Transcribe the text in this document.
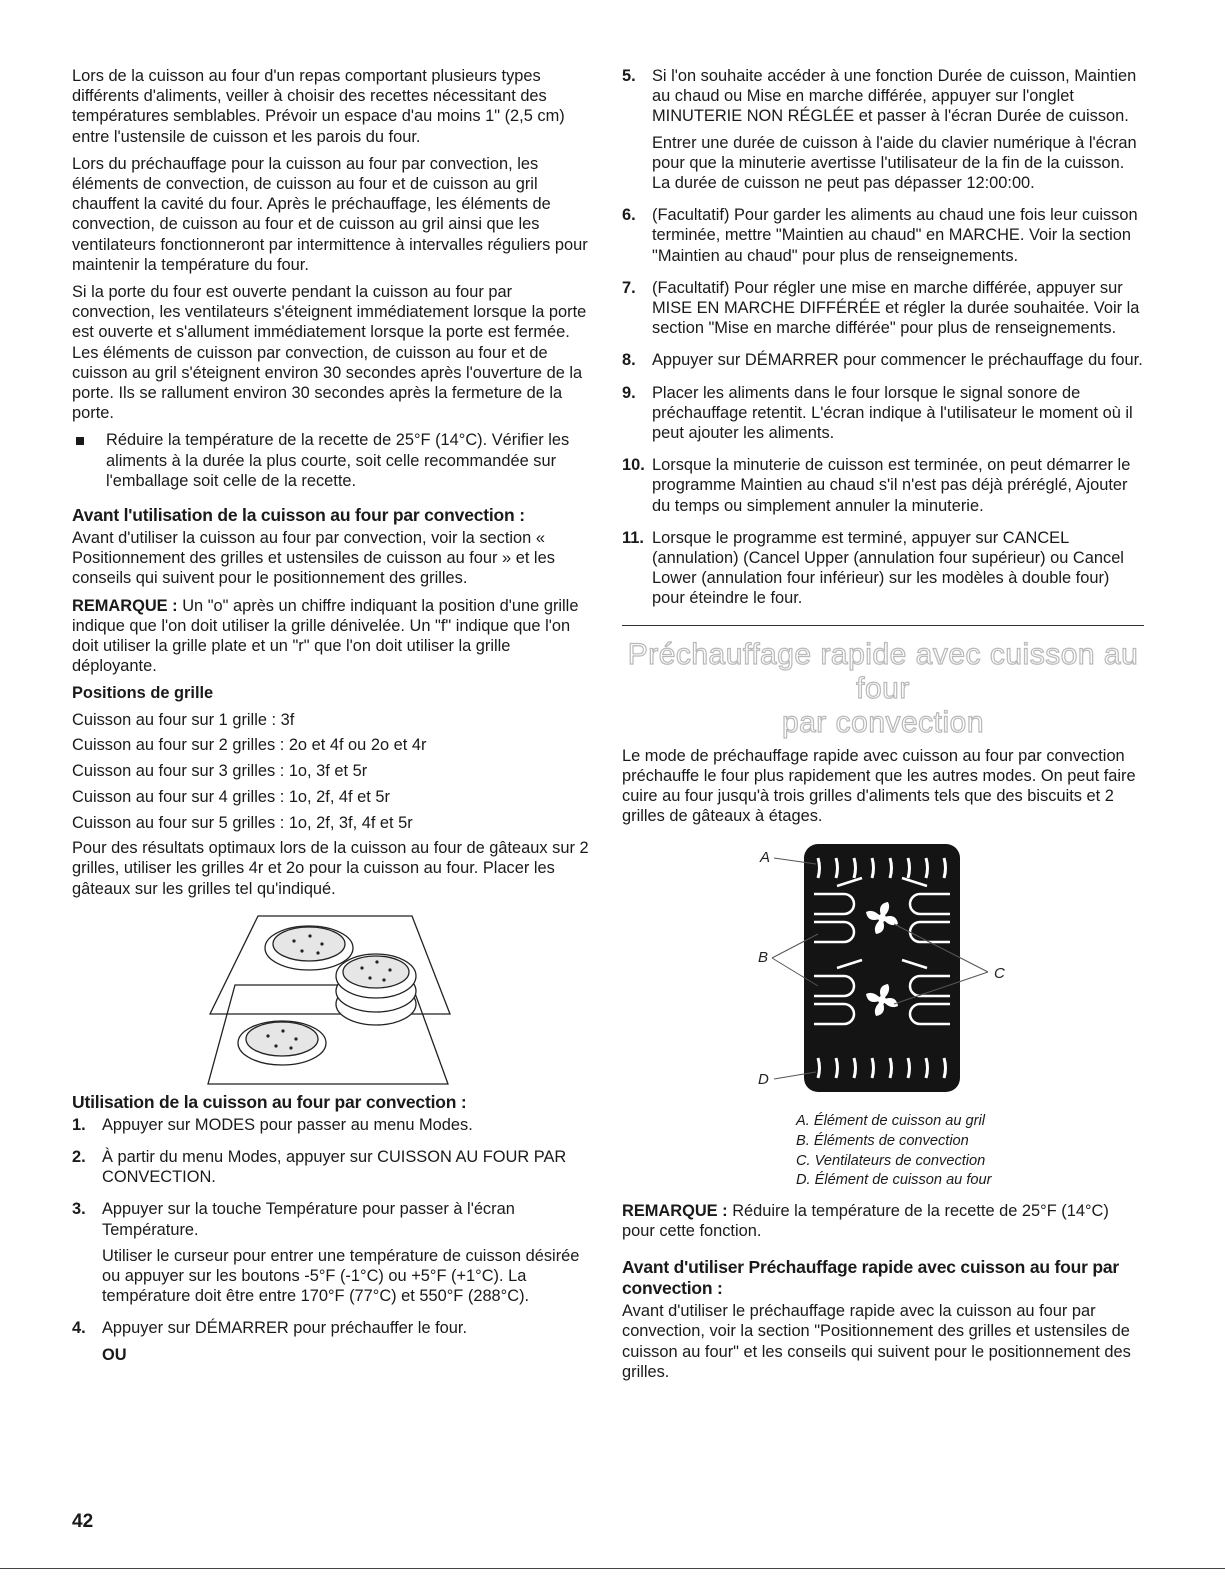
Lors de la cuisson au four d'un repas comportant plusieurs types différents d'aliments, veiller à choisir des recettes nécessitant des températures semblables. Prévoir un espace d'au moins 1" (2,5 cm) entre l'ustensile de cuisson et les parois du four.

Lors du préchauffage pour la cuisson au four par convection, les éléments de convection, de cuisson au four et de cuisson au gril chauffent la cavité du four. Après le préchauffage, les éléments de convection, de cuisson au four et de cuisson au gril ainsi que les ventilateurs fonctionneront par intermittence à intervalles réguliers pour maintenir la température du four.

Si la porte du four est ouverte pendant la cuisson au four par convection, les ventilateurs s'éteignent immédiatement lorsque la porte est ouverte et s'allument immédiatement lorsque la porte est fermée. Les éléments de cuisson par convection, de cuisson au four et de cuisson au gril s'éteignent environ 30 secondes après l'ouverture de la porte. Ils se rallument environ 30 secondes après la fermeture de la porte.

Réduire la température de la recette de 25°F (14°C). Vérifier les aliments à la durée la plus courte, soit celle recommandée sur l'emballage soit celle de la recette.
Avant l'utilisation de la cuisson au four par convection :

Avant d'utiliser la cuisson au four par convection, voir la section « Positionnement des grilles et ustensiles de cuisson au four » et les conseils qui suivent pour le positionnement des grilles.

REMARQUE : Un "o" après un chiffre indiquant la position d'une grille indique que l'on doit utiliser la grille dénivelée. Un "f" indique que l'on doit utiliser la grille plate et un "r" que l'on doit utiliser la grille déployante.

Positions de grille

Cuisson au four sur 1 grille : 3f

Cuisson au four sur 2 grilles : 2o et 4f ou 2o et 4r

Cuisson au four sur 3 grilles : 1o, 3f et 5r

Cuisson au four sur 4 grilles : 1o, 2f, 4f et 5r

Cuisson au four sur 5 grilles : 1o, 2f, 3f, 4f et 5r

Pour des résultats optimaux lors de la cuisson au four de gâteaux sur 2 grilles, utiliser les grilles 4r et 2o pour la cuisson au four. Placer les gâteaux sur les grilles tel qu'indiqué.

Utilisation de la cuisson au four par convection :
1. Appuyer sur MODES pour passer au menu Modes.

2. À partir du menu Modes, appuyer sur CUISSON AU FOUR PAR CONVECTION.

3. Appuyer sur la touche Température pour passer à l'écran Température.

Utiliser le curseur pour entrer une température de cuisson désirée ou appuyer sur les boutons -5°F (-1°C) ou +5°F (+1°C). La température doit être entre 170°F (77°C) et 550°F (288°C).

4. Appuyer sur DÉMARRER pour préchauffer le four.

OU

5. Si l'on souhaite accéder à une fonction Durée de cuisson, Maintien au chaud ou Mise en marche différée, appuyer sur l'onglet MINUTERIE NON RÉGLÉE et passer à l'écran Durée de cuisson.

Entrer une durée de cuisson à l'aide du clavier numérique à l'écran pour que la minuterie avertisse l'utilisateur de la fin de la cuisson. La durée de cuisson ne peut pas dépasser 12:00:00.

6. (Facultatif) Pour garder les aliments au chaud une fois leur cuisson terminée, mettre "Maintien au chaud" en MARCHE. Voir la section "Maintien au chaud" pour plus de renseignements.

7. (Facultatif) Pour régler une mise en marche différée, appuyer sur MISE EN MARCHE DIFFÉRÉE et régler la durée souhaitée. Voir la section "Mise en marche différée" pour plus de renseignements.

8. Appuyer sur DÉMARRER pour commencer le préchauffage du four.

9. Placer les aliments dans le four lorsque le signal sonore de préchauffage retentit. L'écran indique à l'utilisateur le moment où il peut ajouter les aliments.

10. Lorsque la minuterie de cuisson est terminée, on peut démarrer le programme Maintien au chaud s'il n'est pas déjà préréglé, Ajouter du temps ou simplement annuler la minuterie.

11. Lorsque le programme est terminé, appuyer sur CANCEL (annulation) (Cancel Upper (annulation four supérieur) ou Cancel Lower (annulation four inférieur) sur les modèles à double four) pour éteindre le four.

Préchauffage rapide avec cuisson au four
par convection

Le mode de préchauffage rapide avec cuisson au four par convection préchauffe le four plus rapidement que les autres modes. On peut faire cuire au four jusqu'à trois grilles d'aliments tels que des biscuits et 2 grilles de gâteaux à étages.

A
B
C
D
A. Élément de cuisson au gril
B. Éléments de convection
C. Ventilateurs de convection
D. Élément de cuisson au four

REMARQUE : Réduire la température de la recette de 25°F (14°C) pour cette fonction.

Avant d'utiliser Préchauffage rapide avec cuisson au four par convection :

Avant d'utiliser le préchauffage rapide avec la cuisson au four par convection, voir la section "Positionnement des grilles et ustensiles de cuisson au four" et les conseils qui suivent pour le positionnement des grilles.

42
